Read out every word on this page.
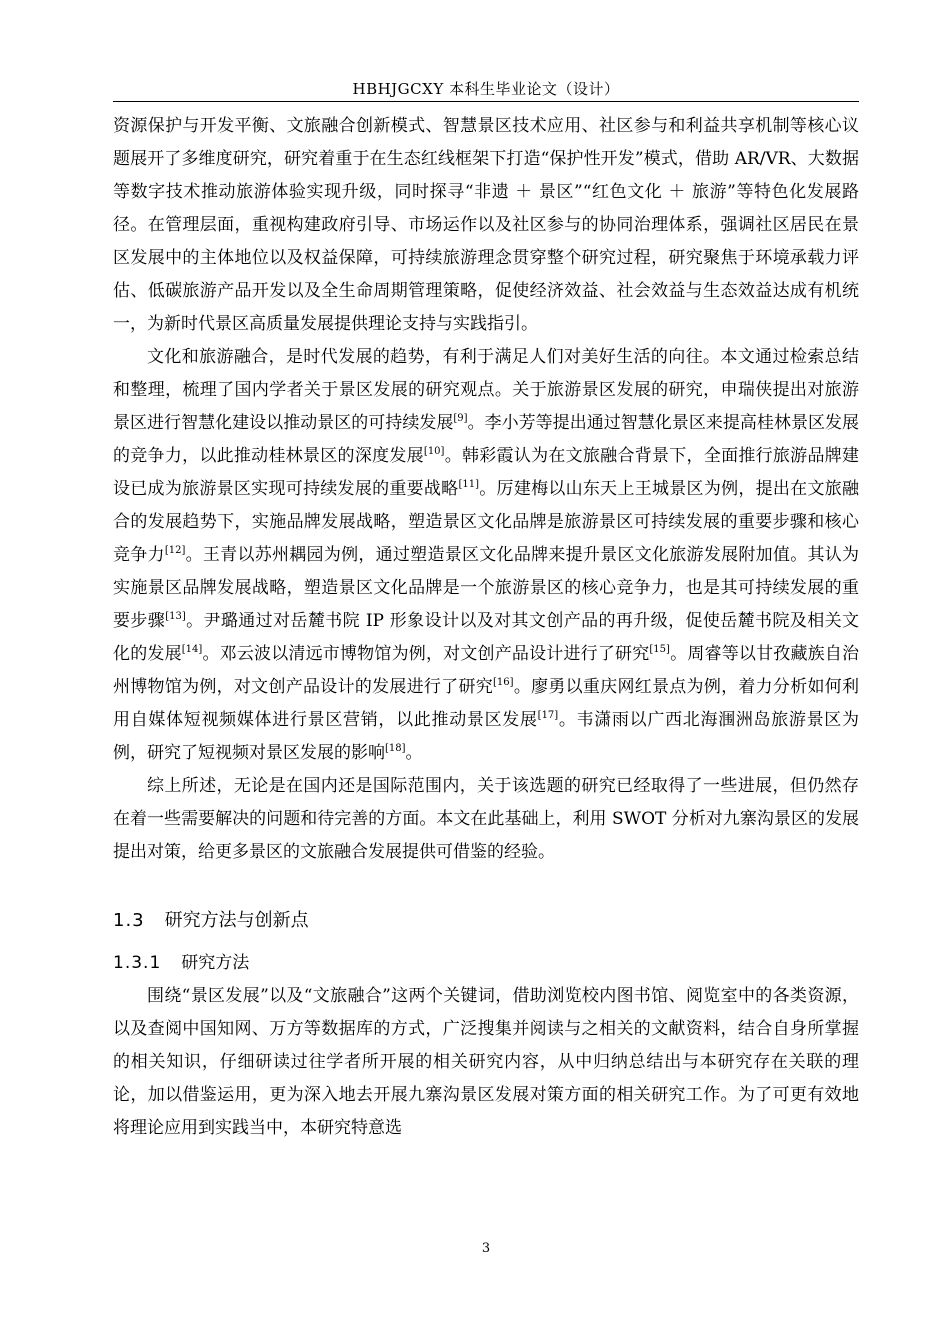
HBHJGCXY 本科生毕业论文（设计）

资源保护与开发平衡、文旅融合创新模式、智慧景区技术应用、社区参与和利益共享机制等核心议题展开了多维度研究，研究着重于在生态红线框架下打造“保护性开发”模式，借助 AR/VR、大数据等数字技术推动旅游体验实现升级，同时探寻“非遗 ＋ 景区”“红色文化 ＋ 旅游”等特色化发展路径。在管理层面，重视构建政府引导、市场运作以及社区参与的协同治理体系，强调社区居民在景区发展中的主体地位以及权益保障，可持续旅游理念贯穿整个研究过程，研究聚焦于环境承载力评估、低碳旅游产品开发以及全生命周期管理策略，促使经济效益、社会效益与生态效益达成有机统一，为新时代景区高质量发展提供理论支持与实践指引。

文化和旅游融合，是时代发展的趋势，有利于满足人们对美好生活的向往。本文通过检索总结和整理，梳理了国内学者关于景区发展的研究观点。关于旅游景区发展的研究，申瑞侠提出对旅游景区进行智慧化建设以推动景区的可持续发展[9]。李小芳等提出通过智慧化景区来提高桂林景区发展的竞争力，以此推动桂林景区的深度发展[10]。韩彩霞认为在文旅融合背景下，全面推行旅游品牌建设已成为旅游景区实现可持续发展的重要战略[11]。厉建梅以山东天上王城景区为例，提出在文旅融合的发展趋势下，实施品牌发展战略，塑造景区文化品牌是旅游景区可持续发展的重要步骤和核心竞争力[12]。王青以苏州耦园为例，通过塑造景区文化品牌来提升景区文化旅游发展附加值。其认为实施景区品牌发展战略，塑造景区文化品牌是一个旅游景区的核心竞争力，也是其可持续发展的重要步骤[13]。尹璐通过对岳麓书院 IP 形象设计以及对其文创产品的再升级，促使岳麓书院及相关文化的发展[14]。邓云波以清远市博物馆为例，对文创产品设计进行了研究[15]。周睿等以甘孜藏族自治州博物馆为例，对文创产品设计的发展进行了研究[16]。廖勇以重庆网红景点为例，着力分析如何利用自媒体短视频媒体进行景区营销，以此推动景区发展[17]。韦潇雨以广西北海涠洲岛旅游景区为例，研究了短视频对景区发展的影响[18]。

综上所述，无论是在国内还是国际范围内，关于该选题的研究已经取得了一些进展，但仍然存在着一些需要解决的问题和待完善的方面。本文在此基础上，利用 SWOT 分析对九寨沟景区的发展提出对策，给更多景区的文旅融合发展提供可借鉴的经验。

1.3 研究方法与创新点
1.3.1 研究方法

围绕“景区发展”以及“文旅融合”这两个关键词，借助浏览校内图书馆、阅览室中的各类资源，以及查阅中国知网、万方等数据库的方式，广泛搜集并阅读与之相关的文献资料，结合自身所掌握的相关知识，仔细研读过往学者所开展的相关研究内容，从中归纳总结出与本研究存在关联的理论，加以借鉴运用，更为深入地去开展九寨沟景区发展对策方面的相关研究工作。为了可更有效地将理论应用到实践当中，本研究特意选

3
